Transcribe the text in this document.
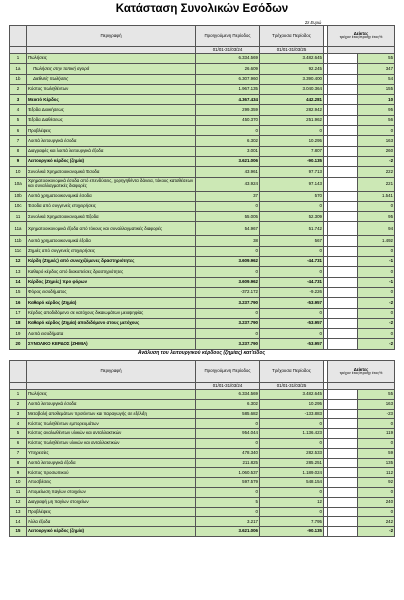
Κατάσταση Συνολικών Εσόδων
Σε Ευρώ
	Περιγραφή	Προηγούμενη Περίοδος	Τρέχουσα Περίοδος		Δείκτες
τρέχον έτος/προηγ έτος%	

		01/01-31/03/24	01/01-31/03/25			
1	Πωλήσεις	6.334.569	3.482.645			55
1a	Πωλήσεις στην τοπική αγορά	26.609	92.245			347
1b	Διεθνείς πωλήσεις	6.307.960	3.390.400			54
2	Κόστος πωληθέντων	1.967.135	3.040.364			155
3	Μεικτό Κέρδος	4.367.434	442.281			10
4	Έξοδα Διοικήσεως	299.359	282.942			95
5	Έξοδα Διαθέσεως	450.370	251.962			56
6	Προβλέψεις	0	0			0
7	Λοιπά λειτουργικά έσοδα	6.302	10.295			163
8	Διαγραφές και λοιπά λειτουργικά έξοδα	3.001	7.807			260
9	Λειτουργικό κέρδος (ζημία)	3.621.006	-90.135			-2
10	Συνολικά Χρηματοοικονομικά Έσοδα	43.961	97.713			222
10a	Χρηματοοικονομικά έσοδα από επενδύσεις, χορηγηθέντα δάνεια, τόκους καταθέσεων και συναλλαγματικές διαφορές	43.924	97.143			221
10b	Λοιπά χρηματοοικονομικά έσοδα	37	570			1.541
10c	Έσοδα από συγγενείς επιχειρήσεις	0	0			0
11	Συνολικά Χρηματοοικονομικά Έξοδα	55.005	52.309			95
11a	Χρηματοοικονομικά έξοδα από τόκους και συναλλαγματικές διαφορές	54.967	51.742			94
11b	Λοιπά χρηματοοικονομικά έξοδα	38	567			1.492
11c	Ζημιές από συγγενείς επιχειρήσεις	0	0			0
12	Κέρδη (Ζημιές) από συνεχιζόμενες δραστηριότητες	3.609.962	-44.731			-1
13	Καθαρό κέρδος από διακοπείσες δραστηριότητες	0	0			0
14	Κέρδος (Ζημιές) προ φόρων	3.609.962	-44.731			-1
15	Φόρος εισοδήματος	-372.172	-9.226			0
16	Καθαρό κέρδος (Ζημία)	3.237.790	-53.957			-2
17	Κέρδος αποδιδόμενο σε κατόχους δικαιωμάτων μειοψηφίας	0	0			0
18	Καθαρό κέρδος (Ζημία) αποδιδόμενο στους μετόχους	3.237.790	-53.957			-2
19	Λοιπά εισοδήματα	0	0			0
20	ΣΥΝΟΛΙΚΟ ΚΕΡΔΟΣ (ΖΗΜΙΑ)	3.237.790	-53.957			-2
Ανάλυση του λειτουργικού κέρδους (ζημίας) κατ'είδος
	Περιγραφή	Προηγούμενη Περίοδος	Τρέχουσα Περίοδος		Δείκτες
τρέχον έτος/προηγ έτος%	

		01/01-31/03/24	01/01-31/03/25			
1	Πωλήσεις	6.334.569	3.482.645			55
2	Λοιπά λειτουργικά έσοδα	6.302	10.295			163
3	Μεταβολή αποθεμάτων προϊόντων και παραγωγής σε εξέλιξη	585.682	-133.883			-23
4	Κόστος πωληθέντων εμπορευμάτων	0	0			0
5	Κόστος αναλωθέντων υλικών και ανταλλακτικών	954.044	1.136.423			119
6	Κόστος πωληθέντων υλικών και ανταλλακτικών	0	0			0
7	Υπηρεσίες	478.340	282.533			59
8	Λοιπά λειτουργικά έξοδα	211.825	285.251			135
9	Κόστος προσωπικού	1.060.537	1.189.024			112
10	Αποσβέσεις	597.579	548.154			92
11	Απομείωση παγίων στοιχείων	0	0			0
12	Διαγραφή μη παγίων στοιχείων	5	12			240
13	Προβλέψεις	0	0			0
14	Άλλα έξοδα	3.217	7.795			242
15	Λειτουργικό κέρδος (ζημία)	3.621.006	-90.135			-2
